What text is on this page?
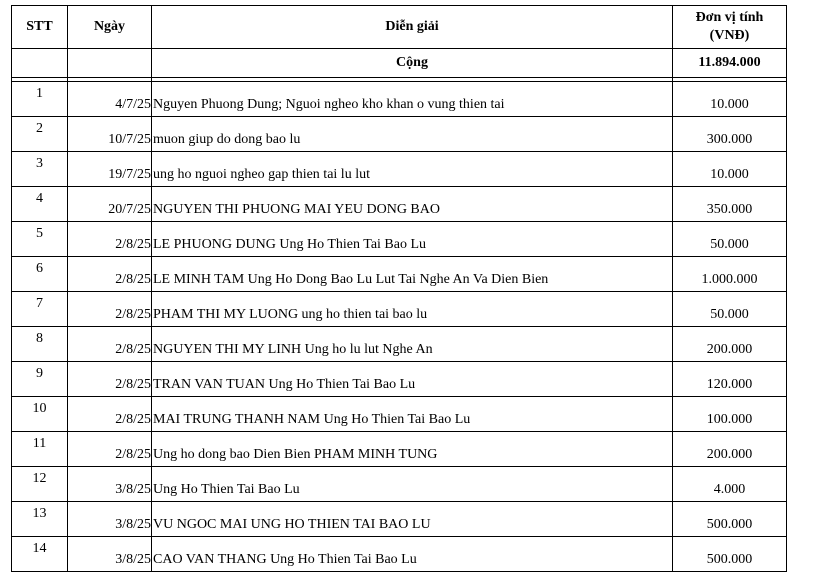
STT	Ngày	Diễn giải	Đơn vị tính
(VNĐ)
		Cộng	11.894.000

1	4/7/25	Nguyen Phuong Dung; Nguoi ngheo kho khan o vung thien tai	10.000
2	10/7/25	muon giup do dong bao lu	300.000
3	19/7/25	ung ho nguoi ngheo gap thien tai lu lut	10.000
4	20/7/25	NGUYEN THI PHUONG MAI YEU DONG BAO	350.000
5	2/8/25	LE PHUONG DUNG Ung Ho Thien Tai Bao Lu	50.000
6	2/8/25	LE MINH TAM Ung Ho Dong Bao Lu Lut Tai Nghe An Va Dien Bien	1.000.000
7	2/8/25	PHAM THI MY LUONG ung ho thien tai bao lu	50.000
8	2/8/25	NGUYEN THI MY LINH Ung ho lu lut Nghe An	200.000
9	2/8/25	TRAN VAN TUAN Ung Ho Thien Tai Bao Lu	120.000
10	2/8/25	MAI TRUNG THANH NAM Ung Ho Thien Tai Bao Lu	100.000
11	2/8/25	Ung ho dong bao Dien Bien PHAM MINH TUNG	200.000
12	3/8/25	Ung Ho Thien Tai Bao Lu	4.000
13	3/8/25	VU NGOC MAI UNG HO THIEN TAI BAO LU	500.000
14	3/8/25	CAO VAN THANG Ung Ho Thien Tai Bao Lu	500.000
